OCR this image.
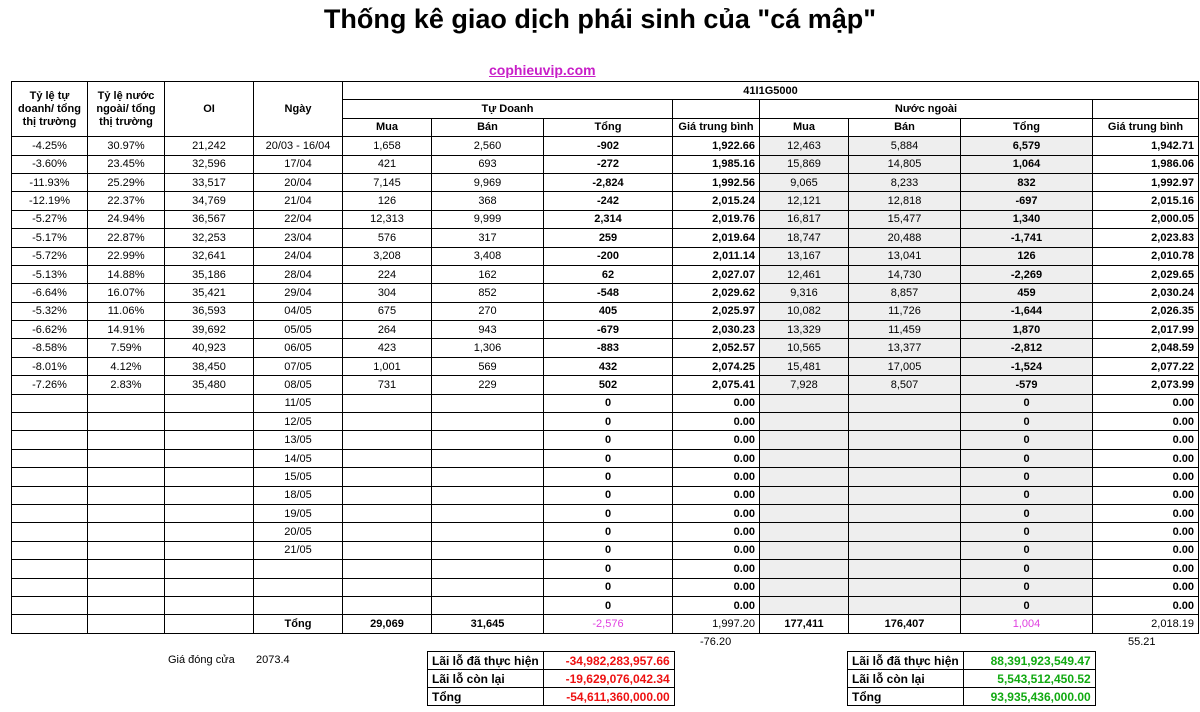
Thống kê giao dịch phái sinh của "cá mập"
cophieuvip.com
Tỷ lệ tự doanh/ tổng thị trường	Tỷ lệ nước ngoài/ tổng thị trường	OI	Ngày	41I1G5000							
				Tự Doanh				Nước ngoài			
				Mua	Bán	Tổng	Giá trung bình	Mua	Bán	Tổng	Giá trung bình
-4.25%	30.97%	21,242	20/03 - 16/04	1,658	2,560	-902	1,922.66	12,463	5,884	6,579	1,942.71
-3.60%	23.45%	32,596	17/04	421	693	-272	1,985.16	15,869	14,805	1,064	1,986.06
-11.93%	25.29%	33,517	20/04	7,145	9,969	-2,824	1,992.56	9,065	8,233	832	1,992.97
-12.19%	22.37%	34,769	21/04	126	368	-242	2,015.24	12,121	12,818	-697	2,015.16
-5.27%	24.94%	36,567	22/04	12,313	9,999	2,314	2,019.76	16,817	15,477	1,340	2,000.05
-5.17%	22.87%	32,253	23/04	576	317	259	2,019.64	18,747	20,488	-1,741	2,023.83
-5.72%	22.99%	32,641	24/04	3,208	3,408	-200	2,011.14	13,167	13,041	126	2,010.78
-5.13%	14.88%	35,186	28/04	224	162	62	2,027.07	12,461	14,730	-2,269	2,029.65
-6.64%	16.07%	35,421	29/04	304	852	-548	2,029.62	9,316	8,857	459	2,030.24
-5.32%	11.06%	36,593	04/05	675	270	405	2,025.97	10,082	11,726	-1,644	2,026.35
-6.62%	14.91%	39,692	05/05	264	943	-679	2,030.23	13,329	11,459	1,870	2,017.99
-8.58%	7.59%	40,923	06/05	423	1,306	-883	2,052.57	10,565	13,377	-2,812	2,048.59
-8.01%	4.12%	38,450	07/05	1,001	569	432	2,074.25	15,481	17,005	-1,524	2,077.22
-7.26%	2.83%	35,480	08/05	731	229	502	2,075.41	7,928	8,507	-579	2,073.99
			11/05			0	0.00			0	0.00
			12/05			0	0.00			0	0.00
			13/05			0	0.00			0	0.00
			14/05			0	0.00			0	0.00
			15/05			0	0.00			0	0.00
			18/05			0	0.00			0	0.00
			19/05			0	0.00			0	0.00
			20/05			0	0.00			0	0.00
			21/05			0	0.00			0	0.00
						0	0.00			0	0.00
						0	0.00			0	0.00
						0	0.00			0	0.00
			Tổng	29,069	31,645	-2,576	1,997.20	177,411	176,407	1,004	2,018.19
-76.20	55.21
Giá đóng cửa 2073.4	Lãi lỗ đã thực hiện	-34,982,283,957.66
Lãi lỗ còn lại	-19,629,076,042.34
Tổng	-54,611,360,000.00
Lãi lỗ đã thực hiện	88,391,923,549.47
Lãi lỗ còn lại	5,543,512,450.52
Tổng	93,935,436,000.00
